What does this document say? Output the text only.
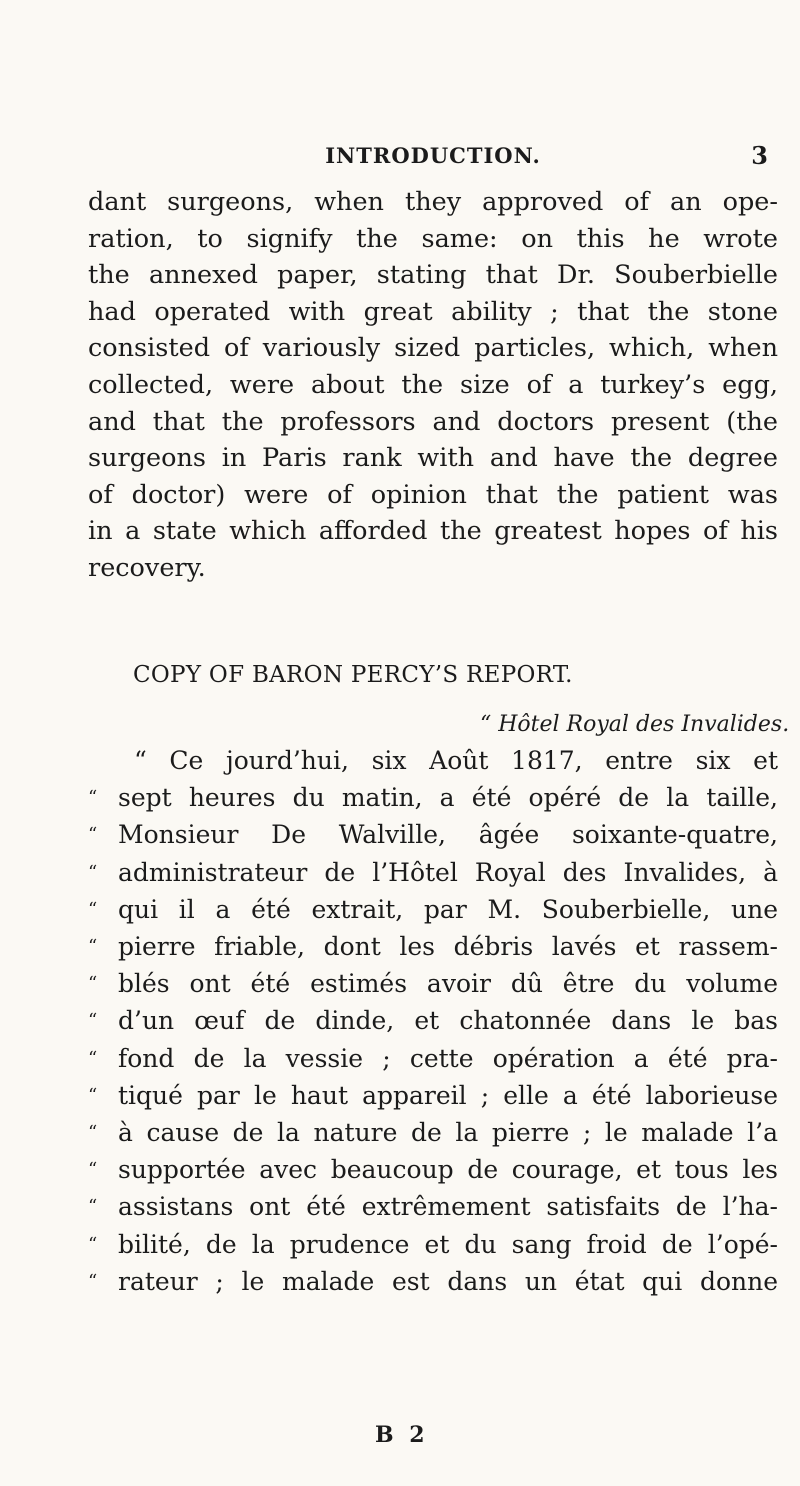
INTRODUCTION.	3
dant surgeons, when they approved of an ope-
ration, to signify the same: on this he wrote
the annexed paper, stating that Dr. Souberbielle
had operated with great ability ; that the stone
consisted of variously sized particles, which, when
collected, were about the size of a turkey’s egg,
and that the professors and doctors present (the
surgeons in Paris rank with and have the degree
of doctor) were of opinion that the patient was
in a state which afforded the greatest hopes of his
recovery.
COPY OF BARON PERCY’S REPORT.
“ Hôtel Royal des Invalides.
“ Ce jourd’hui, six Août 1817, entre six et
“ sept heures du matin, a été opéré de la taille,
“ Monsieur De Walville, âgée soixante-quatre,
“ administrateur de l’Hôtel Royal des Invalides, à
“ qui il a été extrait, par M. Souberbielle, une
“ pierre friable, dont les débris lavés et rassem-
“ blés ont été estimés avoir dû être du volume
“ d’un œuf de dinde, et chatonnée dans le bas
“ fond de la vessie ; cette opération a été pra-
“ tiqué par le haut appareil ; elle a été laborieuse
“ à cause de la nature de la pierre ; le malade l’a
“ supportée avec beaucoup de courage, et tous les
“ assistans ont été extrêmement satisfaits de l’ha-
“ bilité, de la prudence et du sang froid de l’opé-
“ rateur ; le malade est dans un état qui donne
B 2
